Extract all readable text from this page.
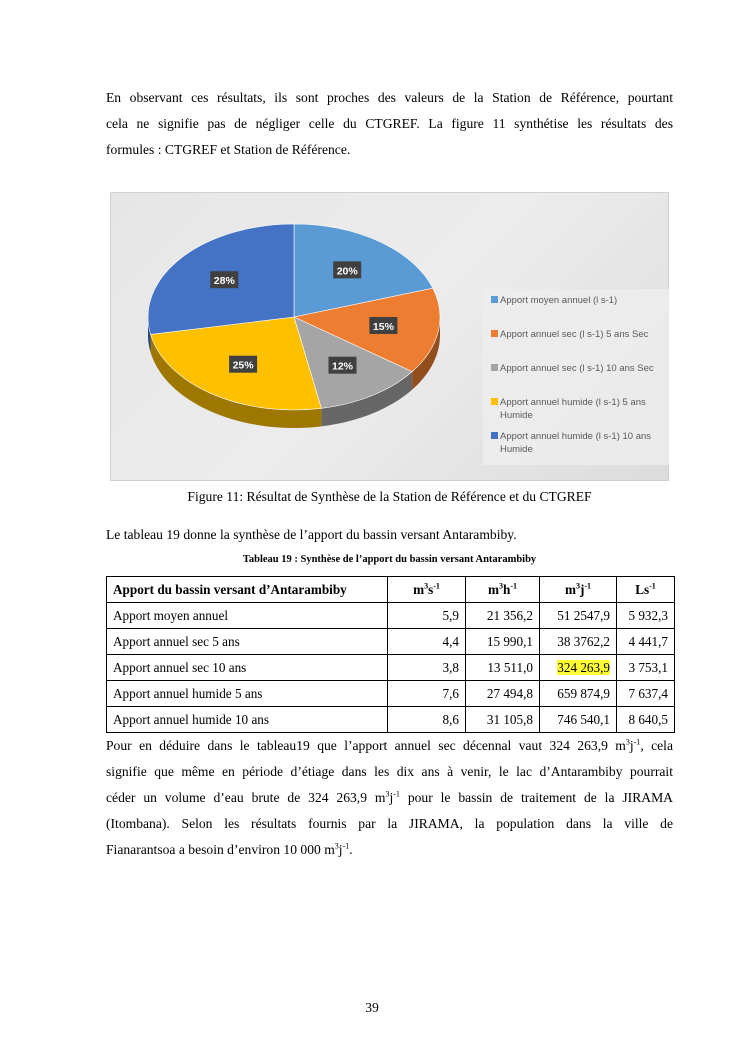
En observant ces résultats, ils sont proches des valeurs de la Station de Référence, pourtant
cela ne signifie pas de négliger celle du CTGREF. La figure 11 synthétise les résultats des
formules : CTGREF et Station de Référence.
20%
15%
12%
25%
28%
Apport moyen annuel (l s-1)
Apport annuel sec (l s-1) 5 ans Sec
Apport annuel sec (l s-1) 10 ans Sec
Apport annuel humide (l s-1) 5 ans
Humide
Apport annuel humide (l s-1) 10 ans
Humide
Figure 11: Résultat de Synthèse de la Station de Référence et du CTGREF
Le tableau 19 donne la synthèse de l’apport du bassin versant Antarambiby.
Tableau 19 : Synthèse de l’apport du bassin versant Antarambiby
Apport du bassin versant d’Antarambiby	$m^3s^{-1}$	$m^3h^{-1}$	$m^3j^{-1}$	$Ls^{-1}$
Apport moyen annuel	5,9	21 356,2	51 2547,9	5 932,3
Apport annuel sec 5 ans	4,4	15 990,1	38 3762,2	4 441,7
Apport annuel sec 10 ans	3,8	13 511,0	324 263,9	3 753,1
Apport annuel humide 5 ans	7,6	27 494,8	659 874,9	7 637,4
Apport annuel humide 10 ans	8,6	31 105,8	746 540,1	8 640,5
Pour en déduire dans le tableau19 que l’apport annuel sec décennal vaut 324 263,9 $m^3j^{-1}$, cela
signifie que même en période d’étiage dans les dix ans à venir, le lac d’Antarambiby pourrait
céder un volume d’eau brute de 324 263,9 $m^3j^{-1}$ pour le bassin de traitement de la JIRAMA
(Itombana). Selon les résultats fournis par la JIRAMA, la population dans la ville de
Fianarantsoa a besoin d’environ 10 000 $m^3j^{-1}$.
39
